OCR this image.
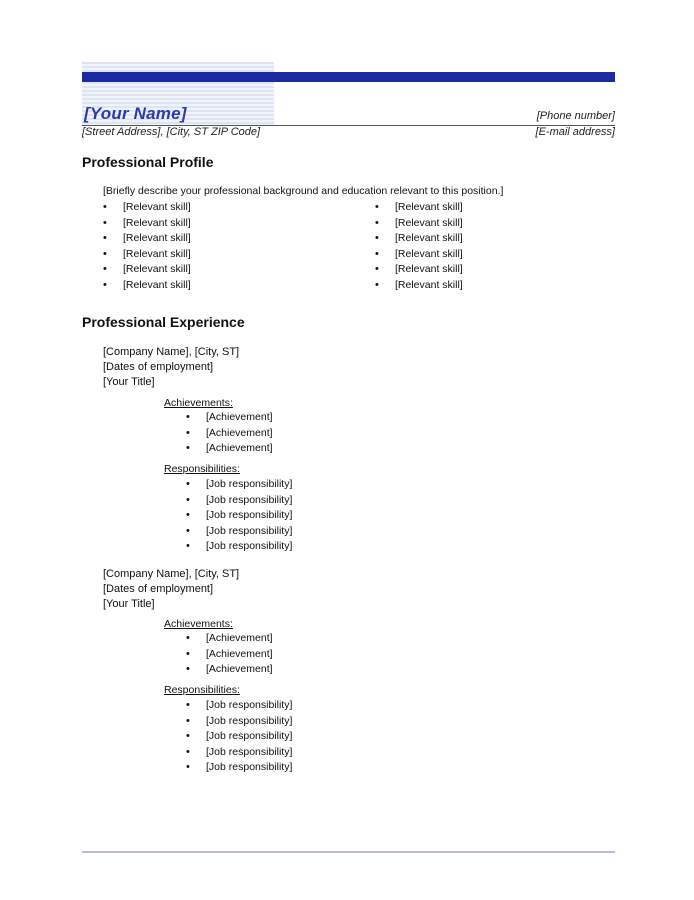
[Your Name]	[Phone number]
[Street Address], [City, ST ZIP Code]	[E-mail address]
Professional Profile
[Briefly describe your professional background and education relevant to this position.]
• [Relevant skill]
• [Relevant skill]
• [Relevant skill]
• [Relevant skill]
• [Relevant skill]
• [Relevant skill]
• [Relevant skill]
• [Relevant skill]
• [Relevant skill]
• [Relevant skill]
• [Relevant skill]
• [Relevant skill]
Professional Experience
[Company Name], [City, ST]
[Dates of employment]
[Your Title]
Achievements:
• [Achievement]
• [Achievement]
• [Achievement]
Responsibilities:
• [Job responsibility]
• [Job responsibility]
• [Job responsibility]
• [Job responsibility]
• [Job responsibility]
[Company Name], [City, ST]
[Dates of employment]
[Your Title]
Achievements:
• [Achievement]
• [Achievement]
• [Achievement]
Responsibilities:
• [Job responsibility]
• [Job responsibility]
• [Job responsibility]
• [Job responsibility]
• [Job responsibility]
